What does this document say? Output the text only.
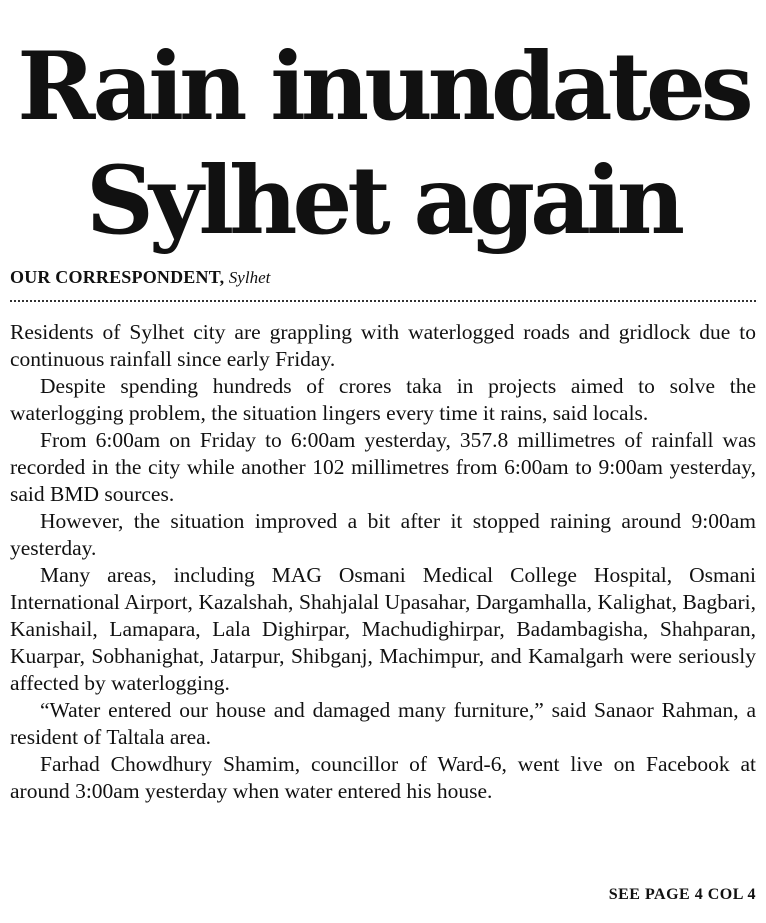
Rain inundates
Sylhet again
OUR CORRESPONDENT, Sylhet

Residents of Sylhet city are grappling with waterlogged roads and gridlock due to continuous rainfall since early Friday.

Despite spending hundreds of crores taka in projects aimed to solve the waterlogging problem, the situation lingers every time it rains, said locals.

From 6:00am on Friday to 6:00am yesterday, 357.8 millimetres of rainfall was recorded in the city while another 102 millimetres from 6:00am to 9:00am yesterday, said BMD sources.

However, the situation improved a bit after it stopped raining around 9:00am yesterday.

Many areas, including MAG Osmani Medical College Hospital, Osmani International Airport, Kazalshah, Shahjalal Upasahar, Dargamhalla, Kalighat, Bagbari, Kanishail, Lamapara, Lala Dighirpar, Machudighirpar, Badambagisha, Shahparan, Kuarpar, Sobhanighat, Jatarpur, Shibganj, Machimpur, and Kamalgarh were seriously affected by waterlogging.

“Water entered our house and damaged many furniture,” said Sanaor Rahman, a resident of Taltala area.

Farhad Chowdhury Shamim, councillor of Ward-6, went live on Facebook at around 3:00am yesterday when water entered his house.

SEE PAGE 4 COL 4
